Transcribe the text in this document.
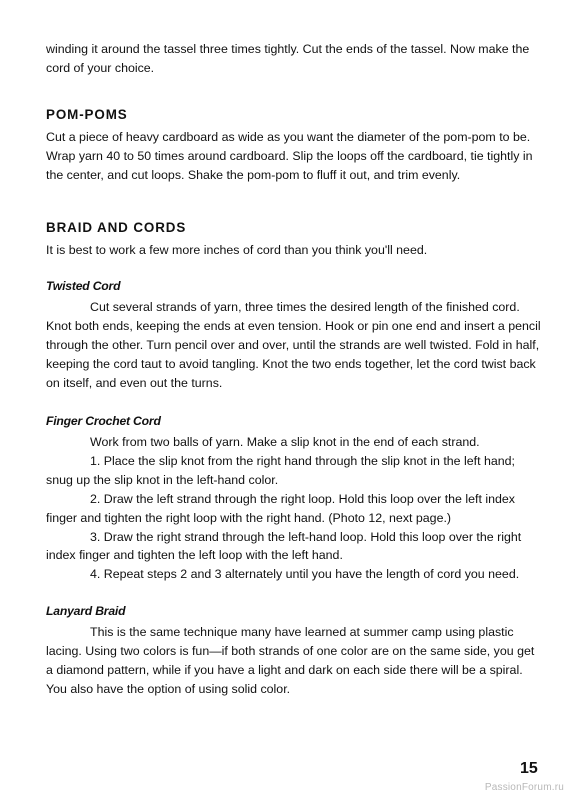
winding it around the tassel three times tightly. Cut the ends of the tassel. Now make the cord of your choice.

POM-POMS

Cut a piece of heavy cardboard as wide as you want the diameter of the pom-pom to be. Wrap yarn 40 to 50 times around cardboard. Slip the loops off the cardboard, tie tightly in the center, and cut loops. Shake the pom-pom to fluff it out, and trim evenly.

BRAID AND CORDS

It is best to work a few more inches of cord than you think you'll need.

Twisted Cord

Cut several strands of yarn, three times the desired length of the finished cord. Knot both ends, keeping the ends at even tension. Hook or pin one end and insert a pencil through the other. Turn pencil over and over, until the strands are well twisted. Fold in half, keeping the cord taut to avoid tangling. Knot the two ends together, let the cord twist back on itself, and even out the turns.

Finger Crochet Cord

Work from two balls of yarn. Make a slip knot in the end of each strand.

1. Place the slip knot from the right hand through the slip knot in the left hand; snug up the slip knot in the left-hand color.

2. Draw the left strand through the right loop. Hold this loop over the left index finger and tighten the right loop with the right hand. (Photo 12, next page.)

3. Draw the right strand through the left-hand loop. Hold this loop over the right index finger and tighten the left loop with the left hand.

4. Repeat steps 2 and 3 alternately until you have the length of cord you need.

Lanyard Braid

This is the same technique many have learned at summer camp using plastic lacing. Using two colors is fun—if both strands of one color are on the same side, you get a diamond pattern, while if you have a light and dark on each side there will be a spiral. You also have the option of using solid color.

15
PassionForum.ru
